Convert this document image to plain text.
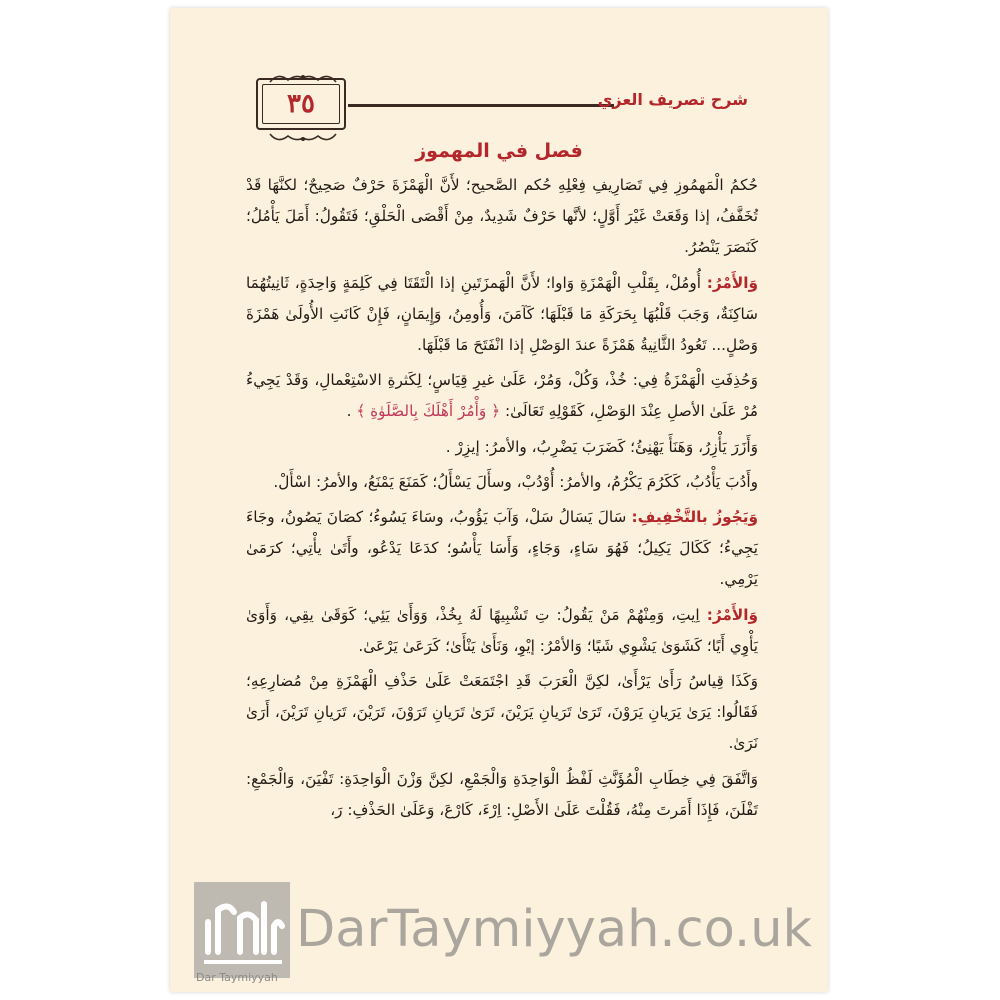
٣٥	شرح تصريف العزي
فصل في المهموز

حُكمُ الْمَهمُوزِ فِي تَصَارِيفِ فِعْلِهِ حُكم الصَّحيح؛ لأَنَّ الْهَمْزَةَ حَرْفٌ صَحِيحٌ؛ لكنَّهَا قَدْ تُخَفَّفُ، إذا وَقَعَتْ غَيْرَ أَوَّلٍ؛ لأنَّها حَرْفٌ شَدِيدٌ، مِنْ أَقْصَى الْحَلْقِ؛ فَتَقُولُ: أَمَلَ يَأْمُلُ؛ كَنَصَرَ يَنْصُرُ.

وَالأَمْرُ: أُومُلْ، بِقَلْبِ الْهَمْزَةِ وَاوا؛ لأَنَّ الْهَمزَتَينِ إذا الْتَقَتَا فِي كَلِمَةٍ وَاحِدَةٍ، ثَانِيتُهُمَا سَاكِنَةٌ، وَجَبَ قَلْبُهَا بِحَرَكَةِ مَا قَبْلَهَا؛ كَآمَنَ، وَأُومِنُ، وَإِيمَانٍ، فَإِنْ كَانَتِ الأُولَىٰ هَمْزَةَ وَصْلٍ... تَعُودُ الثَّانِيةُ هَمْزَةً عندَ الوَصْلِ إذا انْفَتَحَ مَا قَبْلَهَا.

وَحُذِفَتِ الْهَمْزَةُ فِي: خُذْ، وَكُلْ، وَمُرْ، عَلَىٰ غيرِ قِيَاسٍ؛ لِكَثرةِ الاسْتِعْمالِ، وَقَدْ يَجِيءُ مُرْ عَلَىٰ الأصلِ عِنْدَ الوَصْلِ، كَقَوْلِهِ تَعَالَىٰ: ﴿ وَأْمُرْ أَهْلَكَ بِالصَّلَوٰةِ ﴾ .

وَأَزَرَ يَأْزِرُ، وَهَنَأَ يَهْنِئُ؛ كَضَرَبَ يَضْرِبُ، والأمرُ: إيزِرْ .

وأَدُبَ يَأْدُبُ، كَكَرُمَ يَكْرُمُ، والأمرُ: أُوْدُبْ، وسأَلَ يَسْأَلُ؛ كَمَنَعَ يَمْنَعُ، والأمرُ: اسْأَلْ.

وَيَجُوزُ بالتَّخْفِيفِ: سَالَ يَسَالُ سَلْ، وَآبَ يَؤُوبُ، وسَاءَ يَسُوءُ؛ كصَانَ يَصُونُ، وجَاءَ يَجِيءُ؛ كَكَالَ يَكِيلُ؛ فَهُوَ سَاءٍ، وَجَاءٍ، وَأَسَا يَأْسُو؛ كدَعَا يَدْعُو، وأَتَىٰ يأْتِي؛ كرَمَىٰ يَرْمِي.

وَالأَمْرُ: اِيتِ، وَمِنْهُمْ مَنْ يَقُولُ: تِ تَشْبِيهًا لَهُ بِخُذْ، وَوَأَىٰ يَئِي؛ كَوَقَىٰ يقِي، وَأَوَىٰ يَأْوِي أَيًا؛ كَشَوَىٰ يَشْوِي شَيًا؛ وَالأمْرُ: إيْوِ، وَنَأَىٰ يَنْأَىٰ؛ كَرَعَىٰ يَرْعَىٰ.

وَكَذَا قِياسُ رَأَىٰ يَرْأَىٰ، لكِنَّ الْعَرَبَ قَدِ اجْتَمَعَتْ عَلَىٰ حَذْفِ الْهَمْزَةِ مِنْ مُضارِعِهِ؛ فَقَالُوا: يَرَىٰ يَرَيانِ يَرَوْنَ، تَرَىٰ تَرَيانِ يَرَيْنَ، تَرَىٰ تَرَيانِ تَرَوْنَ، تَرَيْنَ، تَرَيانِ تَرَيْنَ، أَرَىٰ نَرَىٰ.

وَاتَّفَقَ فِي خِطَابِ الْمُؤَنَّثِ لَفْظُ الْوَاحِدَةِ وَالْجَمْعِ، لكِنَّ وَزْنَ الْوَاحِدَةِ: تَفْيَنَ، وَالْجَمْعِ: تَفْلَنَ، فَإِذَا أَمَرتَ مِنْهُ، فَقُلْتَ عَلَىٰ الأَصْلِ: اِرْءَ، كَارْعَ، وَعَلَىٰ الحَذْفِ: رَ،

Dar Taymiyyah
DarTaymiyyah.co.uk
